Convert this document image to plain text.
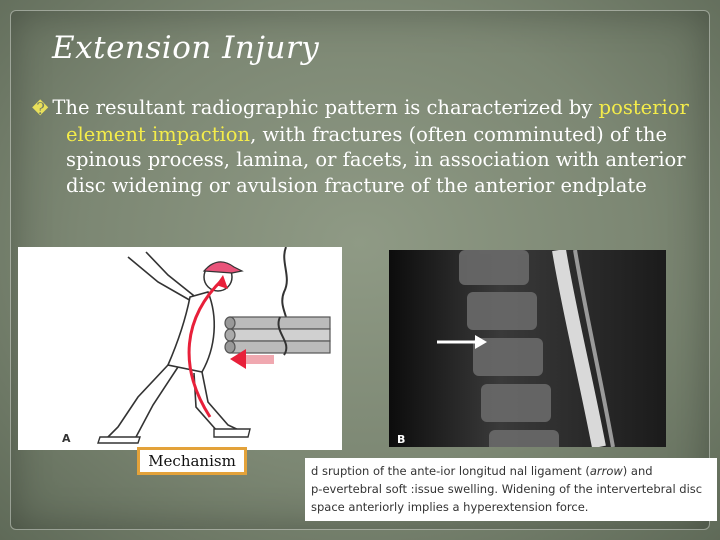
Extension Injury
� The resultant radiographic pattern is characterized by posterior element impaction, with fractures (often comminuted) of the spinous process, lamina, or facets, in association with anterior disc widening or avulsion fracture of the anterior endplate
A	B
Mechanism
d sruption of the ante-ior longitud nal ligament (arrow) and
p-evertebral soft :issue swelling. Widening of the intervertebral disc
space anteriorly implies a hyperextension force.
